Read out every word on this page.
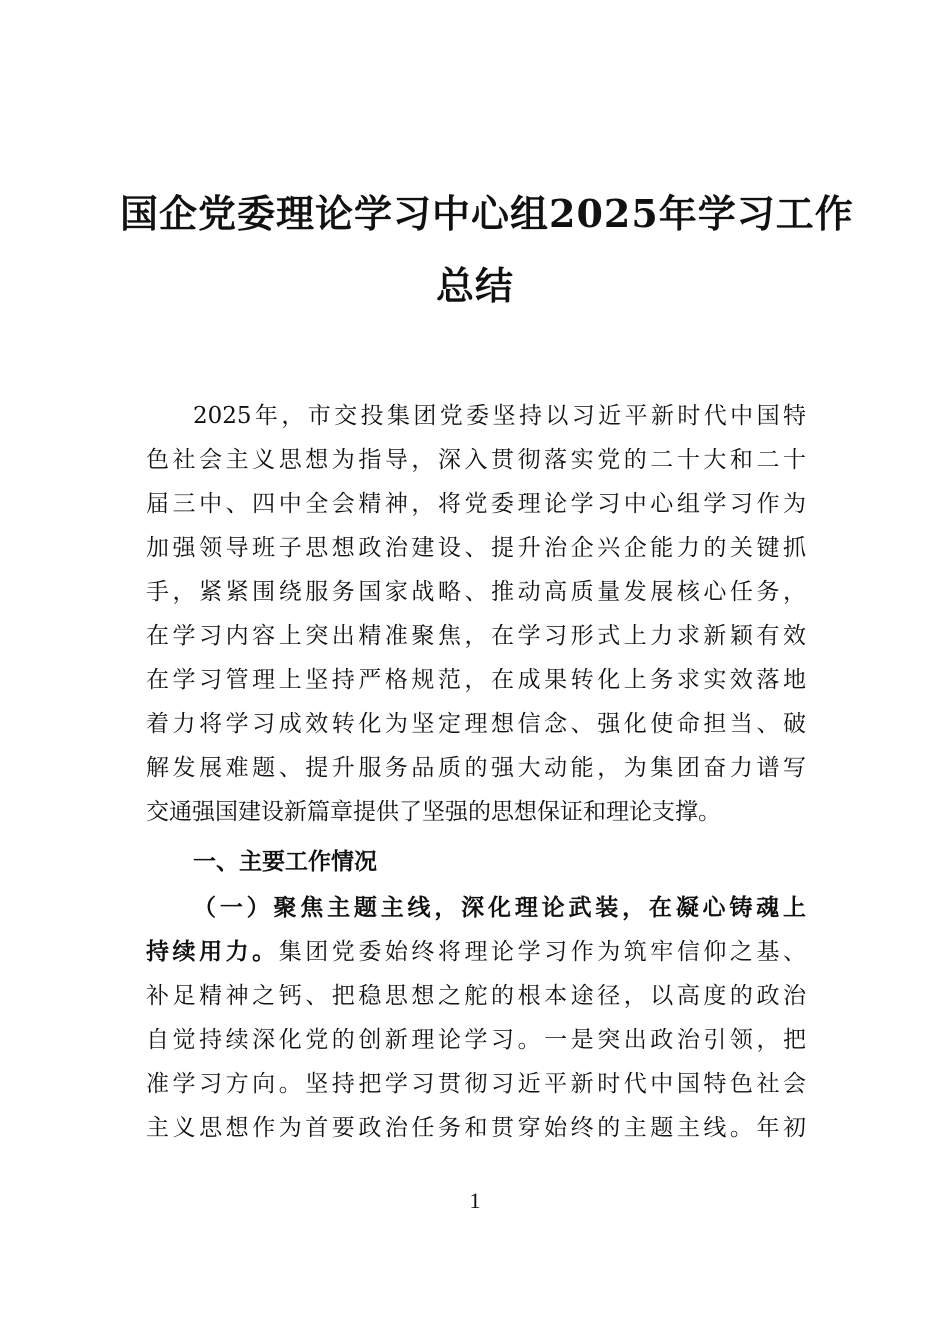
国企党委理论学习中心组2025年学习工作
总结
2025年，市交投集团党委坚持以习近平新时代中国特
色社会主义思想为指导，深入贯彻落实党的二十大和二十
届三中、四中全会精神，将党委理论学习中心组学习作为
加强领导班子思想政治建设、提升治企兴企能力的关键抓
手，紧紧围绕服务国家战略、推动高质量发展核心任务，
在学习内容上突出精准聚焦，在学习形式上力求新颖有效
在学习管理上坚持严格规范，在成果转化上务求实效落地
着力将学习成效转化为坚定理想信念、强化使命担当、破
解发展难题、提升服务品质的强大动能，为集团奋力谱写
交通强国建设新篇章提供了坚强的思想保证和理论支撑。
一、主要工作情况
（一）聚焦主题主线，深化理论武装，在凝心铸魂上
持续用力。集团党委始终将理论学习作为筑牢信仰之基、
补足精神之钙、把稳思想之舵的根本途径，以高度的政治
自觉持续深化党的创新理论学习。一是突出政治引领，把
准学习方向。坚持把学习贯彻习近平新时代中国特色社会
主义思想作为首要政治任务和贯穿始终的主题主线。年初
1
